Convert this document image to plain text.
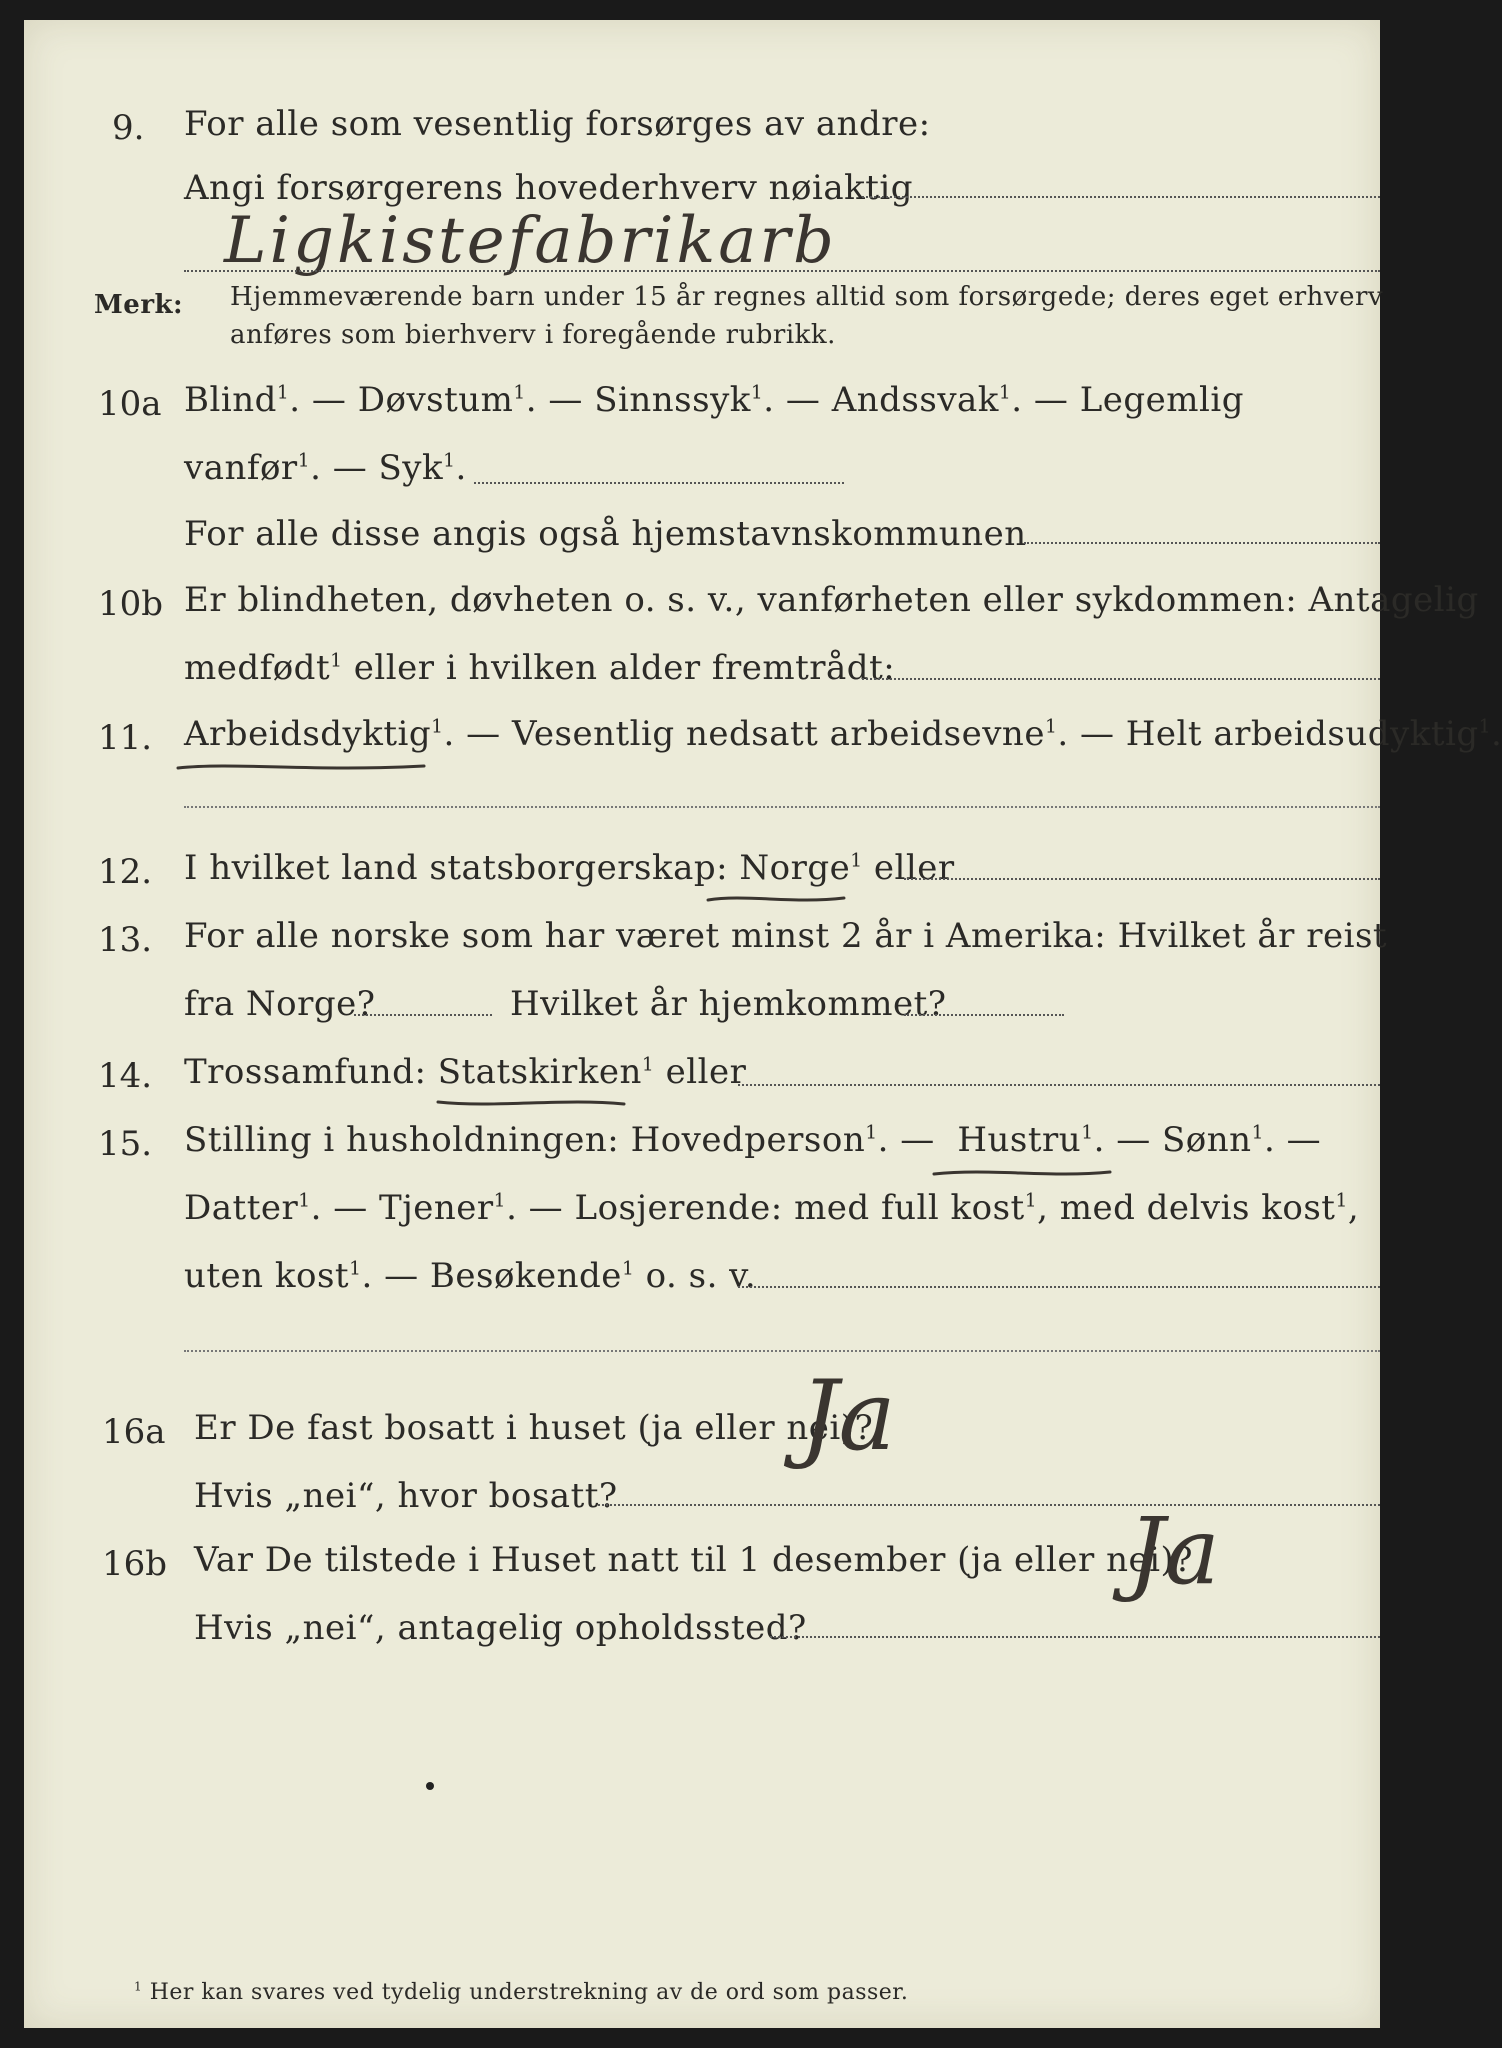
9. For alle som vesentlig forsørges av andre:
Angi forsørgerens hovederhverv nøiaktig
Ligkistefabrikarb
Merk: Hjemmeværende barn under 15 år regnes alltid som forsørgede; deres eget erhverv
anføres som bierhverv i foregående rubrikk.
10a Blind$^1$. — Døvstum$^1$. — Sinnssyk$^1$. — Andssvak$^1$. — Legemlig
vanfør$^1$. — Syk$^1$.
For alle disse angis også hjemstavnskommunen
10b Er blindheten, døvheten o. s. v., vanførheten eller sykdommen: Antagelig
medfødt$^1$ eller i hvilken alder fremtrådt:
11. Arbeidsdyktig$^1$. — Vesentlig nedsatt arbeidsevne$^1$. — Helt arbeidsudyktig$^1$.
12. I hvilket land statsborgerskap: Norge$^1$ eller
13. For alle norske som har været minst 2 år i Amerika: Hvilket år reist
fra Norge?	Hvilket år hjemkommet?
14. Trossamfund: Statskirken$^1$ eller
15. Stilling i husholdningen: Hovedperson$^1$. — Hustru$^1$. — Sønn$^1$. —
Datter$^1$. — Tjener$^1$. — Losjerende: med full kost$^1$, med delvis kost$^1$,
uten kost$^1$. — Besøkende$^1$ o. s. v.
16a Er De fast bosatt i huset (ja eller nei)?
Ja
Hvis „nei“, hvor bosatt?
16b Var De tilstede i Huset natt til 1 desember (ja eller nei)?
Ja
Hvis „nei“, antagelig opholdssted?
$^1$ Her kan svares ved tydelig understrekning av de ord som passer.
